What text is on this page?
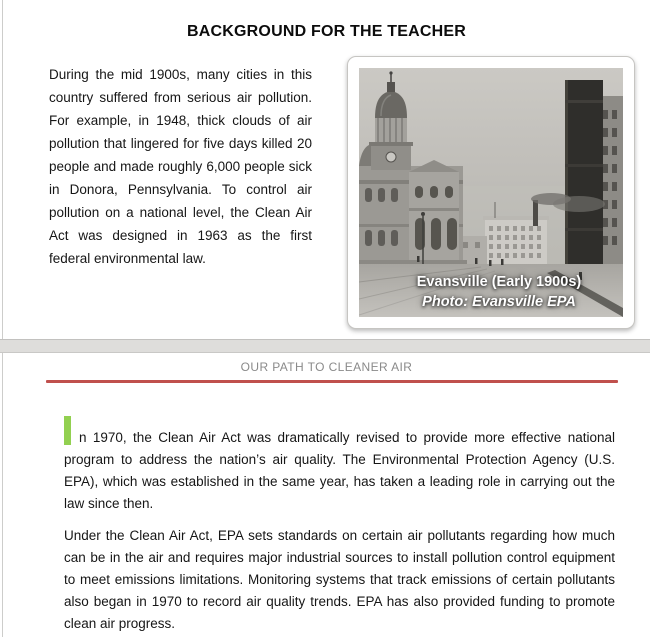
BACKGROUND FOR THE TEACHER

During the mid 1900s, many cities in this country suffered from serious air pollution. For example, in 1948, thick clouds of air pollution that lingered for five days killed 20 people and made roughly 6,000 people sick in Donora, Pennsylvania. To control air pollution on a national level, the Clean Air Act was designed in 1963 as the first federal environmental law.

Evansville (Early 1900s)
Photo: Evansville EPA
OUR PATH TO CLEANER AIR

n 1970, the Clean Air Act was dramatically revised to provide more effective national program to address the nation’s air quality. The Environmental Protection Agency (U.S. EPA), which was established in the same year, has taken a leading role in carrying out the law since then.

Under the Clean Air Act, EPA sets standards on certain air pollutants regarding how much can be in the air and requires major industrial sources to install pollution control equipment to meet emissions limitations. Monitoring systems that track emissions of certain pollutants also began in 1970 to record air quality trends. EPA has also provided funding to promote clean air progress.
